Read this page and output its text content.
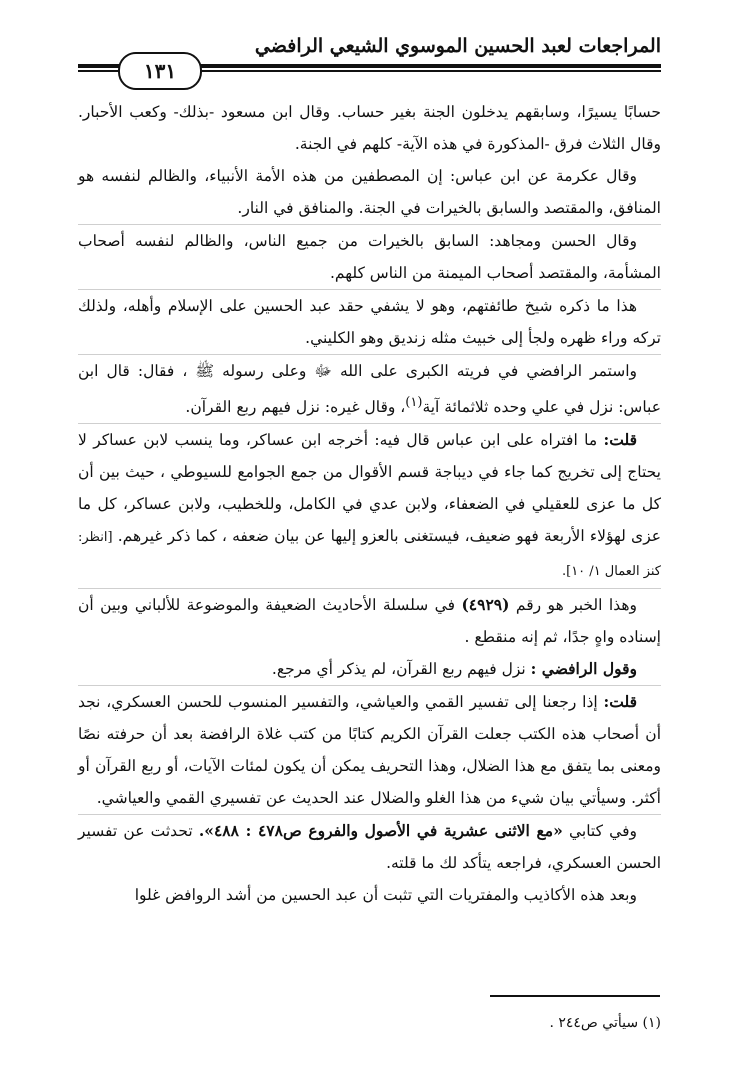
المراجعات لعبد الحسين الموسوي الشيعي الرافضي
١٣١

حسابًا يسيرًا، وسابقهم يدخلون الجنة بغير حساب. وقال ابن مسعود -بذلك- وكعب الأحبار. وقال الثلاث فرق -المذكورة في هذه الآية- كلهم في الجنة.

وقال عكرمة عن ابن عباس: إن المصطفين من هذه الأمة الأنبياء، والظالم لنفسه هو المنافق، والمقتصد والسابق بالخيرات في الجنة. والمنافق في النار.

وقال الحسن ومجاهد: السابق بالخيرات من جميع الناس، والظالم لنفسه أصحاب المشأمة، والمقتصد أصحاب الميمنة من الناس كلهم.

هذا ما ذكره شيخ طائفتهم، وهو لا يشفي حقد عبد الحسين على الإسلام وأهله، ولذلك تركه وراء ظهره ولجأ إلى خبيث مثله زنديق وهو الكليني.

واستمر الرافضي في فريته الكبرى على الله ﷻ وعلى رسوله ﷺ ، فقال: قال ابن عباس: نزل في علي وحده ثلاثمائة آية$^{(١)}$، وقال غيره: نزل فيهم ربع القرآن.

قلت: ما افتراه على ابن عباس قال فيه: أخرجه ابن عساكر، وما ينسب لابن عساكر لا يحتاج إلى تخريج كما جاء في ديباجة قسم الأقوال من جمع الجوامع للسيوطي ، حيث بين أن كل ما عزى للعقيلي في الضعفاء، ولابن عدي في الكامل، وللخطيب، ولابن عساكر، كل ما عزى لهؤلاء الأربعة فهو ضعيف، فيستغنى بالعزو إليها عن بيان ضعفه ، كما ذكر غيرهم. [انظر: كنز العمال ١/ ١٠].

وهذا الخبر هو رقم (٤٩٢٩) في سلسلة الأحاديث الضعيفة والموضوعة للألباني وبين أن إسناده واهٍ جدًا، ثم إنه منقطع .

وقول الرافضي : نزل فيهم ربع القرآن، لم يذكر أي مرجع.

قلت: إذا رجعنا إلى تفسير القمي والعياشي، والتفسير المنسوب للحسن العسكري، نجد أن أصحاب هذه الكتب جعلت القرآن الكريم كتابًا من كتب غلاة الرافضة بعد أن حرفته نصًا ومعنى بما يتفق مع هذا الضلال، وهذا التحريف يمكن أن يكون لمئات الآيات، أو ربع القرآن أو أكثر. وسيأتي بيان شيء من هذا الغلو والضلال عند الحديث عن تفسيري القمي والعياشي.

وفي كتابي «مع الاثنى عشرية في الأصول والفروع ص٤٧٨ : ٤٨٨». تحدثت عن تفسير الحسن العسكري، فراجعه يتأكد لك ما قلته.

وبعد هذه الأكاذيب والمفتريات التي تثبت أن عبد الحسين من أشد الروافض غلوا

(١) سيأتي ص٢٤٤ .
